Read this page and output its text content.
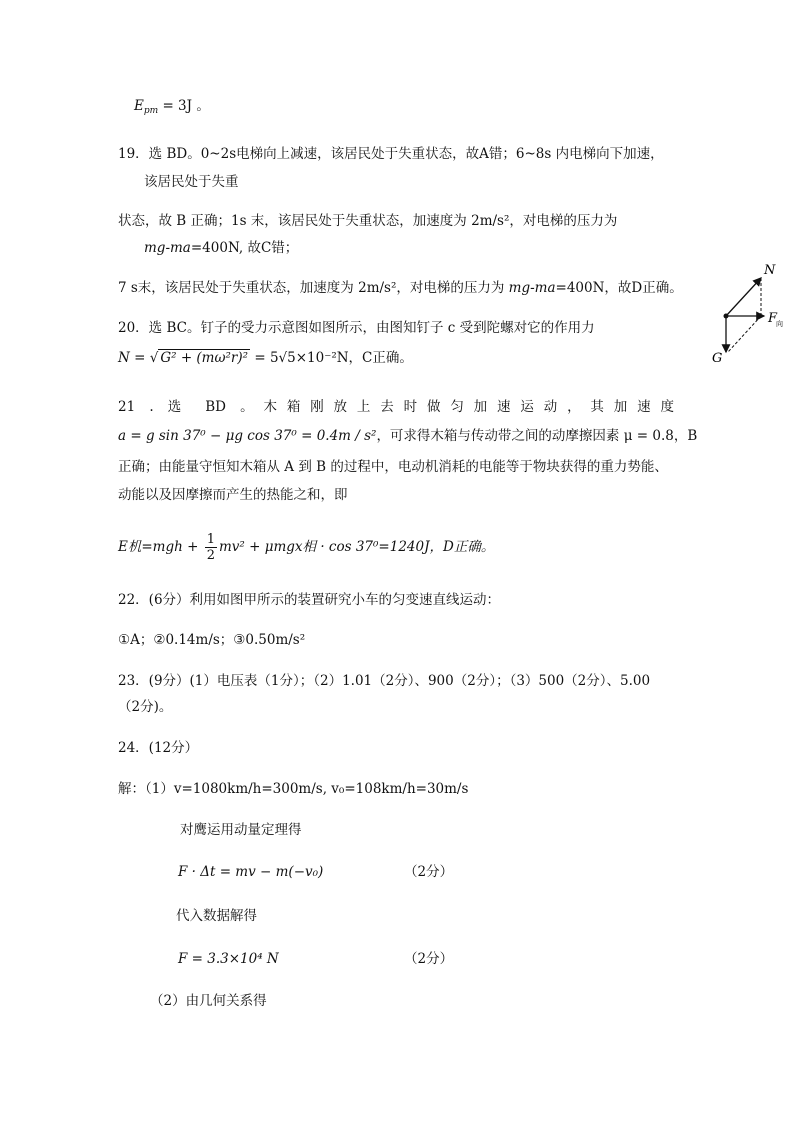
$E_{pm} = 3J$ 。
19．选 BD。0~2s电梯向上减速，该居民处于失重状态，故A错；6~8s 内电梯向下加速，
该居民处于失重
状态，故 B 正确；1s 末，该居民处于失重状态，加速度为 2m/s²，对电梯的压力为
mg-ma=400N, 故C错；
7 s末，该居民处于失重状态，加速度为 2m/s²，对电梯的压力为 mg-ma=400N，故D正确。
20．选 BC。钉子的受力示意图如图所示，由图知钉子 c 受到陀螺对它的作用力
N = √ G² + (mω²r)² = 5√5×10⁻²N，C正确。
21 . 选 BD 。木箱刚放上去时做匀加速运动，其加速度
a = g sin 37⁰ − μg cos 37⁰ = 0.4m / s²，可求得木箱与传动带之间的动摩擦因素 μ = 0.8，B
正确；由能量守恒知木箱从 A 到 B 的过程中，电动机消耗的电能等于物块获得的重力势能、
动能以及因摩擦而产生的热能之和，即
E机$=mgh + \frac{1}{2} mv^2 + \mu mgx$相 · cos 37⁰=1240J，D正确。
22．(6分）利用如图甲所示的装置研究小车的匀变速直线运动：
①A；②0.14m/s；③0.50m/s²
23．(9分）(1）电压表（1分）；（2）1.01（2分）、900（2分）；（3）500（2分）、5.00
（2分)。
24．(12分）
解：（1）v=1080km/h=300m/s, v₀=108km/h=30m/s
对鹰运用动量定理得
F · Δt = mv − m(−v₀)	（2分）
代入数据解得
F = 3.3×10⁴ N	（2分）
（2）由几何关系得
N
F
向
G
